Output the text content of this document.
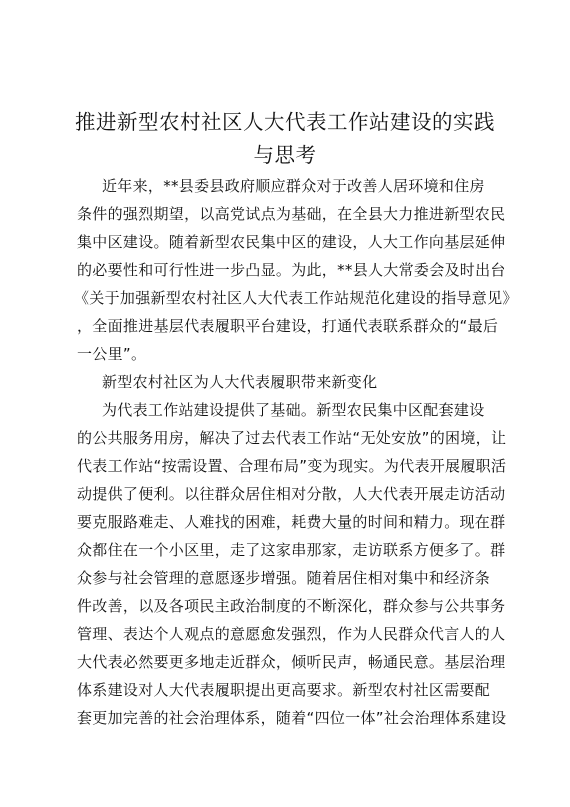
推进新型农村社区人大代表工作站建设的实践
与思考
近年来，**县委县政府顺应群众对于改善人居环境和住房
条件的强烈期望，以高党试点为基础，在全县大力推进新型农民
集中区建设。随着新型农民集中区的建设，人大工作向基层延伸
的必要性和可行性进一步凸显。为此，**县人大常委会及时出台
《关于加强新型农村社区人大代表工作站规范化建设的指导意见》
，全面推进基层代表履职平台建设，打通代表联系群众的“最后
一公里”。
新型农村社区为人大代表履职带来新变化
为代表工作站建设提供了基础。新型农民集中区配套建设
的公共服务用房，解决了过去代表工作站“无处安放”的困境，让
代表工作站“按需设置、合理布局”变为现实。为代表开展履职活
动提供了便利。以往群众居住相对分散，人大代表开展走访活动
要克服路难走、人难找的困难，耗费大量的时间和精力。现在群
众都住在一个小区里，走了这家串那家，走访联系方便多了。群
众参与社会管理的意愿逐步增强。随着居住相对集中和经济条
件改善，以及各项民主政治制度的不断深化，群众参与公共事务
管理、表达个人观点的意愿愈发强烈，作为人民群众代言人的人
大代表必然要更多地走近群众，倾听民声，畅通民意。基层治理
体系建设对人大代表履职提出更高要求。新型农村社区需要配
套更加完善的社会治理体系，随着“四位一体”社会治理体系建设
